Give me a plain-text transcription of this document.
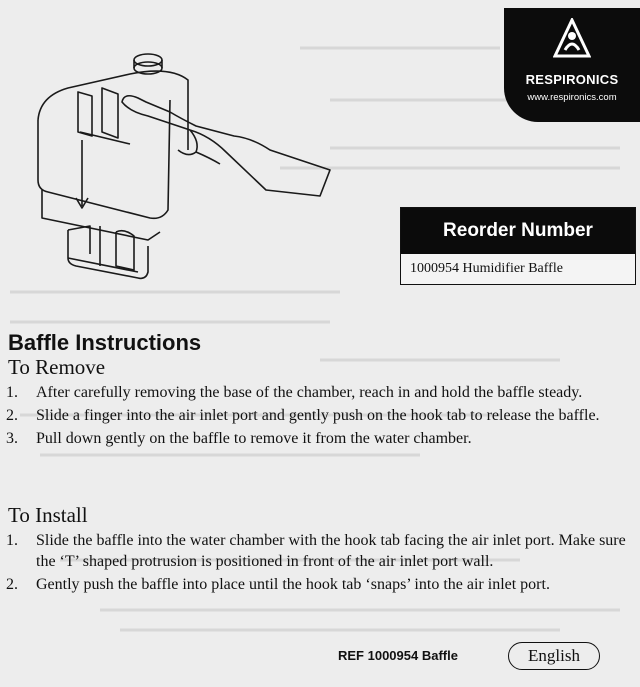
RESPIRONICS
www.respironics.com
Reorder Number
1000954 Humidifier Baffle
Baffle Instructions
To Remove
1. After carefully removing the base of the chamber, reach in and hold the baffle steady.
2. Slide a finger into the air inlet port and gently push on the hook tab to release the baffle.
3. Pull down gently on the baffle to remove it from the water chamber.
To Install
1. Slide the baffle into the water chamber with the hook tab facing the air inlet port. Make sure the ‘T’ shaped protrusion is positioned in front of the air inlet port wall.
2. Gently push the baffle into place until the hook tab ‘snaps’ into the air inlet port.
REF 1000954 Baffle	English
